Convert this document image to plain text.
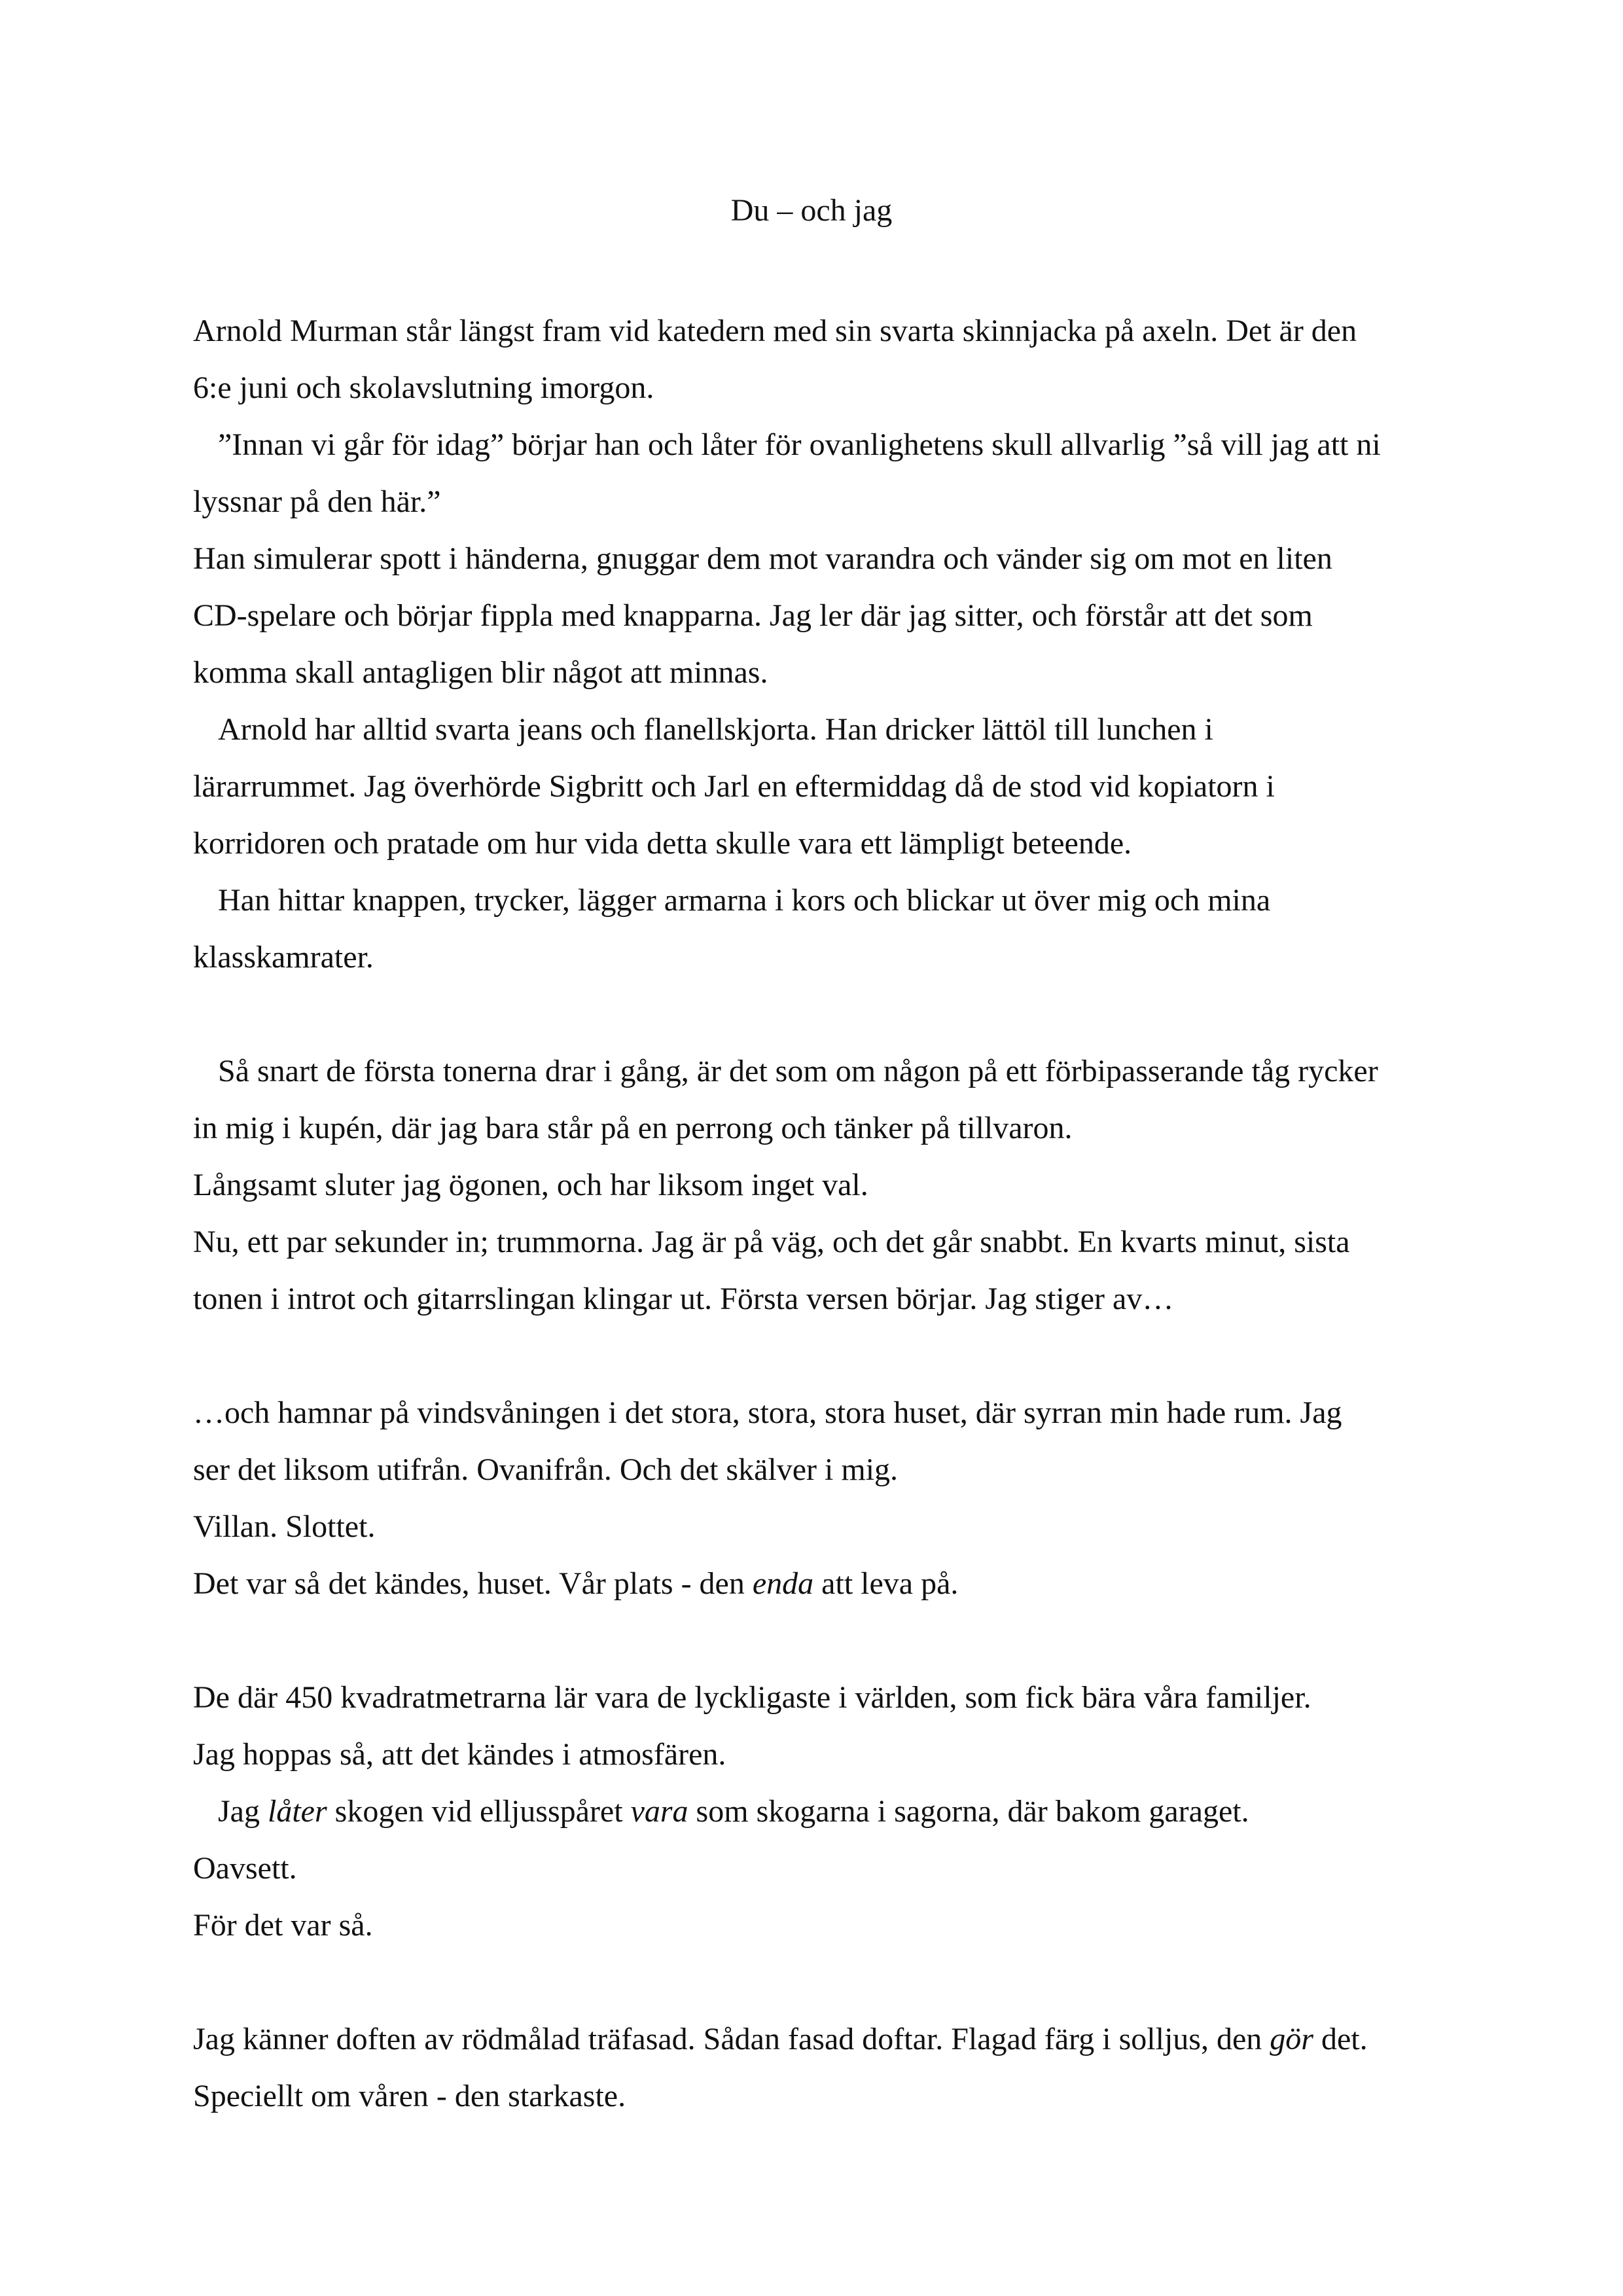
Du – och jag
Arnold Murman står längst fram vid katedern med sin svarta skinnjacka på axeln. Det är den
6:e juni och skolavslutning imorgon.
”Innan vi går för idag” börjar han och låter för ovanlighetens skull allvarlig ”så vill jag att ni
lyssnar på den här.”
Han simulerar spott i händerna, gnuggar dem mot varandra och vänder sig om mot en liten
CD-spelare och börjar fippla med knapparna. Jag ler där jag sitter, och förstår att det som
komma skall antagligen blir något att minnas.
Arnold har alltid svarta jeans och flanellskjorta. Han dricker lättöl till lunchen i
lärarrummet. Jag överhörde Sigbritt och Jarl en eftermiddag då de stod vid kopiatorn i
korridoren och pratade om hur vida detta skulle vara ett lämpligt beteende.
Han hittar knappen, trycker, lägger armarna i kors och blickar ut över mig och mina
klasskamrater.
Så snart de första tonerna drar i gång, är det som om någon på ett förbipasserande tåg rycker
in mig i kupén, där jag bara står på en perrong och tänker på tillvaron.
Långsamt sluter jag ögonen, och har liksom inget val.
Nu, ett par sekunder in; trummorna. Jag är på väg, och det går snabbt. En kvarts minut, sista
tonen i introt och gitarrslingan klingar ut. Första versen börjar. Jag stiger av…
…och hamnar på vindsvåningen i det stora, stora, stora huset, där syrran min hade rum. Jag
ser det liksom utifrån. Ovanifrån. Och det skälver i mig.
Villan. Slottet.
Det var så det kändes, huset. Vår plats - den enda att leva på.
De där 450 kvadratmetrarna lär vara de lyckligaste i världen, som fick bära våra familjer.
Jag hoppas så, att det kändes i atmosfären.
Jag låter skogen vid elljusspåret vara som skogarna i sagorna, där bakom garaget.
Oavsett.
För det var så.
Jag känner doften av rödmålad träfasad. Sådan fasad doftar. Flagad färg i solljus, den gör det.
Speciellt om våren - den starkaste.
